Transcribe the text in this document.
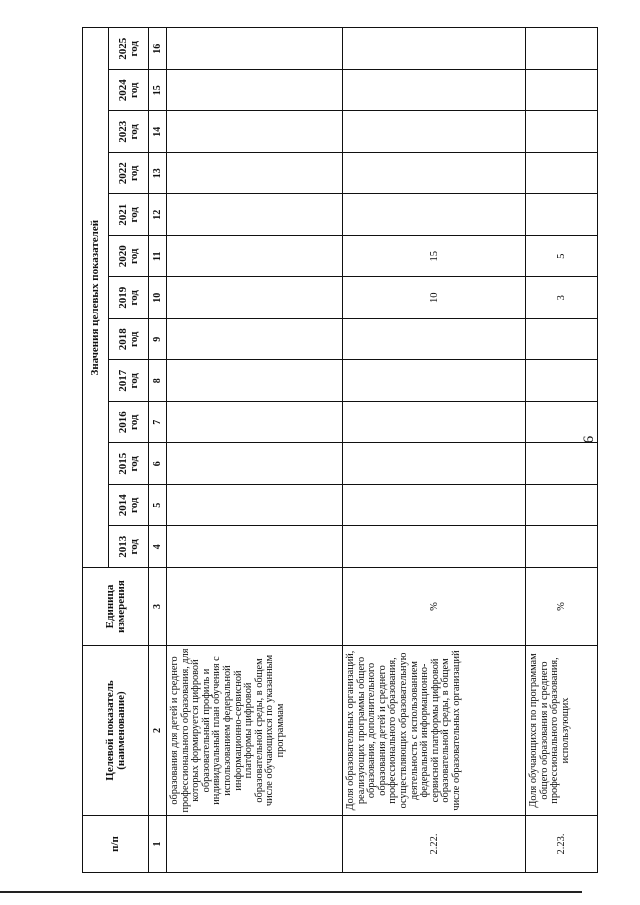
9
п/п	Целевой показатель (наименование)	Единица измерения	Значения целевых показателей												
			2013 год	2014 год	2015 год	2016 год	2017 год	2018 год	2019 год	2020 год	2021 год	2022 год	2023 год	2024 год	2025 год
1	2	3	4	5	6	7	8	9	10	11	12	13	14	15	16
	образования для детей и среднего профессионального образования, для которых формируется цифровой образовательный профиль и индивидуальный план обучения с использованием федеральной информационно-сервисной платформы цифровой образовательной среды, в общем числе обучающихся по указанным программам														
2.22.	Доля образовательных организаций, реализующих программы общего образования, дополнительного образования детей и среднего профессионального образования, осуществляющих образовательную деятельность с использованием федеральной информационно-сервисной платформы цифровой образовательной среды, в общем числе образовательных организаций	%							10	15					
2.23.	Доля обучающихся по программам общего образования и среднего профессионального образования, использующих	%							3	5					
